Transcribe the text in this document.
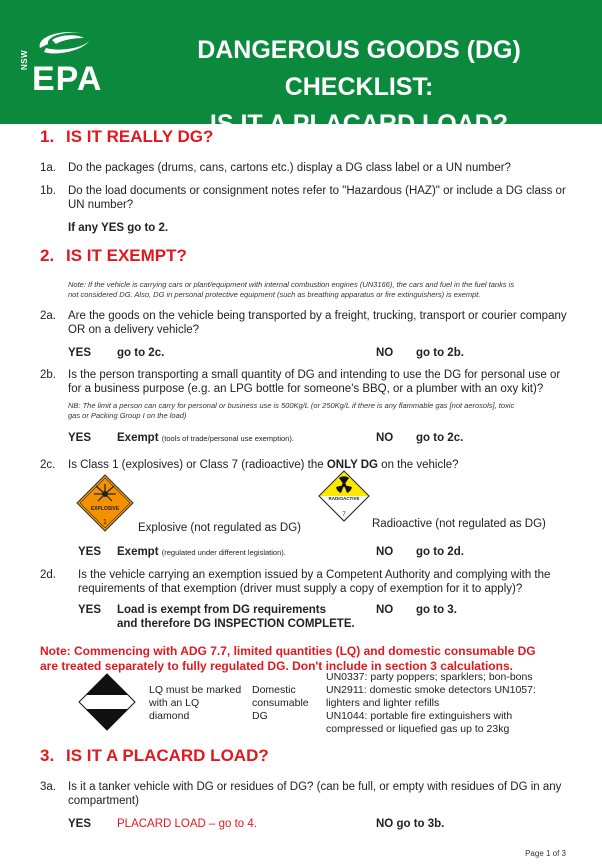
NSW
EPA
DANGEROUS GOODS (DG) CHECKLIST:
IS IT A PLACARD LOAD?
1. IS IT REALLY DG?
1a. Do the packages (drums, cans, cartons etc.) display a DG class label or a UN number?
1b. Do the load documents or consignment notes refer to "Hazardous (HAZ)" or include a DG class or
UN number?
If any YES go to 2.
2. IS IT EXEMPT?
Note: If the vehicle is carrying cars or plant/equipment with internal combustion engines (UN3166), the cars and fuel in the fuel tanks is
not considered DG. Also, DG in personal protective equipment (such as breathing apparatus or fire extinguishers) is exempt.
2a. Are the goods on the vehicle being transported by a freight, trucking, transport or courier company
OR on a delivery vehicle?
YES go to 2c.	NO go to 2b.
2b. Is the person transporting a small quantity of DG and intending to use the DG for personal use or
for a business purpose (e.g. an LPG bottle for someone's BBQ, or a plumber with an oxy kit)?
NB: The limit a person can carry for personal or business use is 500Kg/L (or 250Kg/L if there is any flammable gas [not aerosols], toxic
gas or Packing Group I on the load)
YES Exempt (tools of trade/personal use exemption).	NO go to 2c.
2c. Is Class 1 (explosives) or Class 7 (radioactive) the ONLY DG on the vehicle?
EXPLOSIVE
1	Explosive (not regulated as DG)
RADIOACTIVE
7
Radioactive (not regulated as DG)
YES Exempt (regulated under different legislation).	NO go to 2d.
2d. Is the vehicle carrying an exemption issued by a Competent Authority and complying with the
requirements of that exemption (driver must supply a copy of exemption for it to apply)?
YES Load is exempt from DG requirements
and therefore DG INSPECTION COMPLETE.
NO go to 3.
Note: Commencing with ADG 7.7, limited quantities (LQ) and domestic consumable DG
are treated separately to fully regulated DG. Don't include in section 3 calculations.
LQ must be marked
with an LQ
diamond
Domestic
consumable
DG
UN0337: party poppers; sparklers; bon-bons
UN2911: domestic smoke detectors UN1057:
lighters and lighter refills
UN1044: portable fire extinguishers with
compressed or liquefied gas up to 23kg
3. IS IT A PLACARD LOAD?
3a. Is it a tanker vehicle with DG or residues of DG? (can be full, or empty with residues of DG in any
compartment)
YES PLACARD LOAD – go to 4.	NO go to 3b.
Page 1 of 3
